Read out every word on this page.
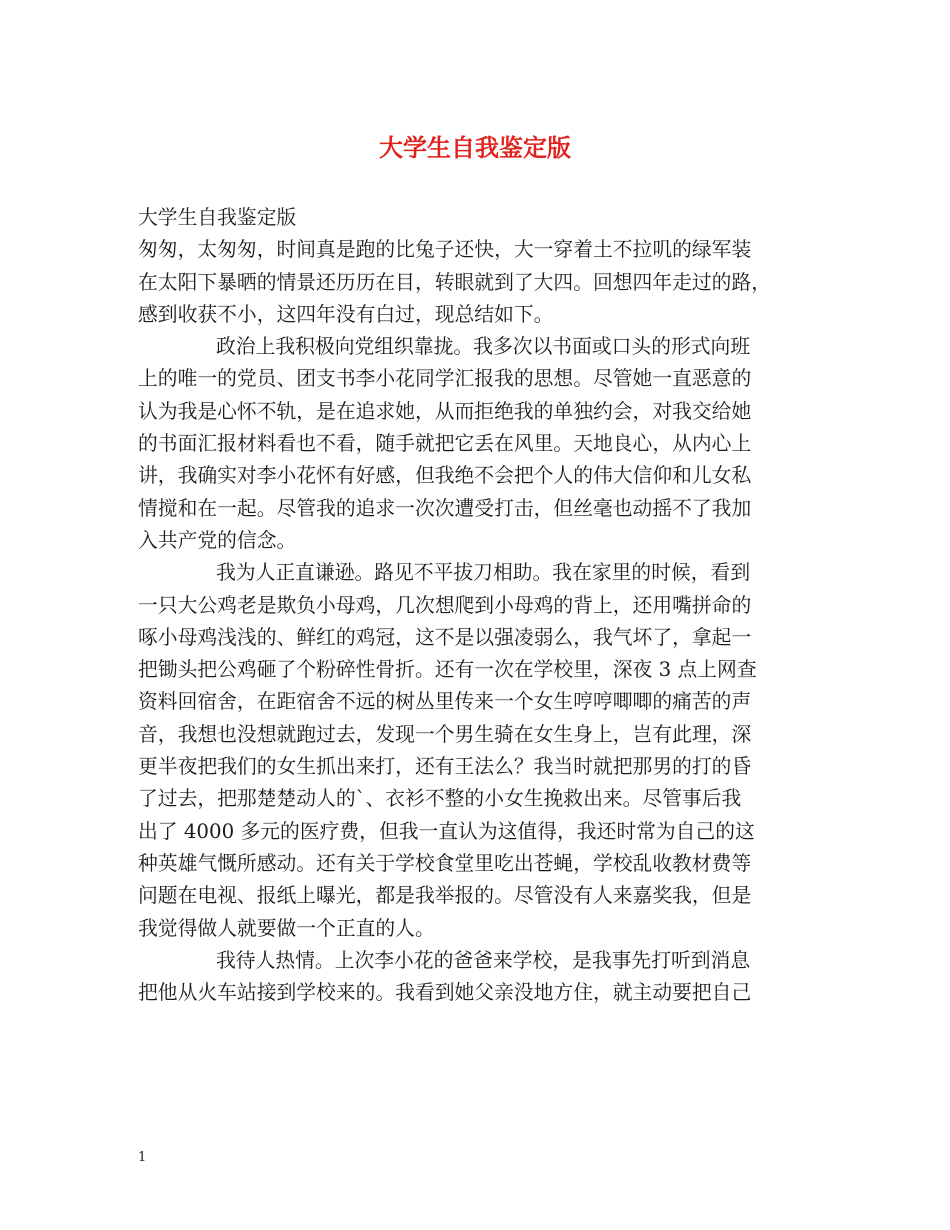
大学生自我鉴定版
大学生自我鉴定版
匆匆，太匆匆，时间真是跑的比兔子还快，大一穿着土不拉叽的绿军装
在太阳下暴晒的情景还历历在目，转眼就到了大四。回想四年走过的路，
感到收获不小，这四年没有白过，现总结如下。
政治上我积极向党组织靠拢。我多次以书面或口头的形式向班
上的唯一的党员、团支书李小花同学汇报我的思想。尽管她一直恶意的
认为我是心怀不轨，是在追求她，从而拒绝我的单独约会，对我交给她
的书面汇报材料看也不看，随手就把它丢在风里。天地良心，从内心上
讲，我确实对李小花怀有好感，但我绝不会把个人的伟大信仰和儿女私
情搅和在一起。尽管我的追求一次次遭受打击，但丝毫也动摇不了我加
入共产党的信念。
我为人正直谦逊。路见不平拔刀相助。我在家里的时候，看到
一只大公鸡老是欺负小母鸡，几次想爬到小母鸡的背上，还用嘴拼命的
啄小母鸡浅浅的、鲜红的鸡冠，这不是以强凌弱么，我气坏了，拿起一
把锄头把公鸡砸了个粉碎性骨折。还有一次在学校里，深夜 3 点上网查
资料回宿舍，在距宿舍不远的树丛里传来一个女生哼哼唧唧的痛苦的声
音，我想也没想就跑过去，发现一个男生骑在女生身上，岂有此理，深
更半夜把我们的女生抓出来打，还有王法么？我当时就把那男的打的昏
了过去，把那楚楚动人的`、衣衫不整的小女生挽救出来。尽管事后我
出了 4000 多元的医疗费，但我一直认为这值得，我还时常为自己的这
种英雄气慨所感动。还有关于学校食堂里吃出苍蝇，学校乱收教材费等
问题在电视、报纸上曝光，都是我举报的。尽管没有人来嘉奖我，但是
我觉得做人就要做一个正直的人。
我待人热情。上次李小花的爸爸来学校，是我事先打听到消息
把他从火车站接到学校来的。我看到她父亲没地方住，就主动要把自己
1
